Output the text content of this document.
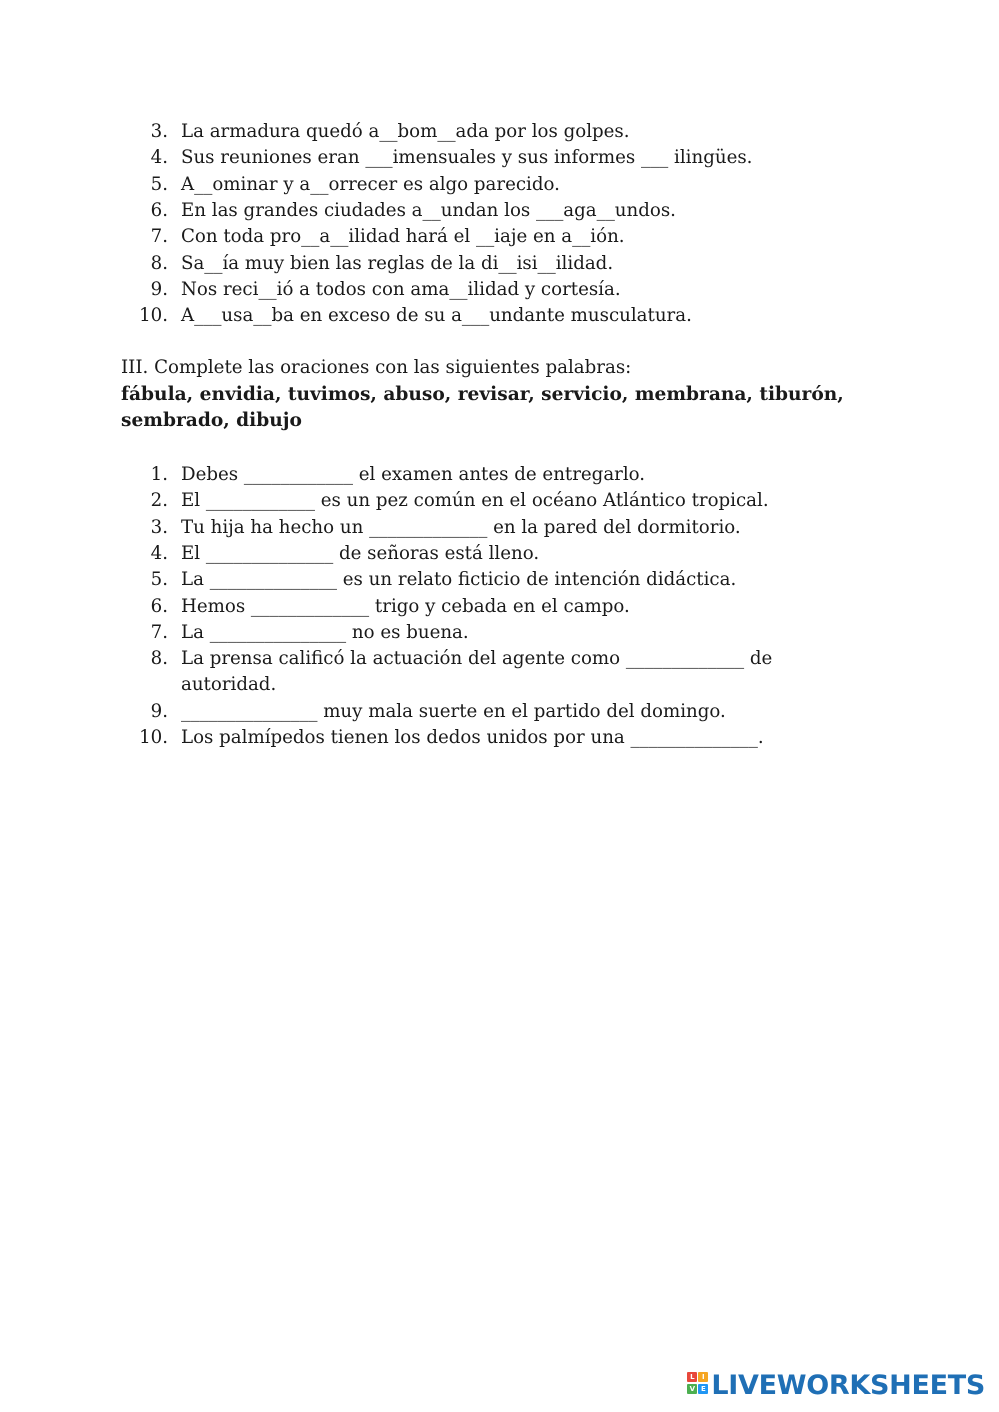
3. La armadura quedó a__bom__ada por los golpes.
4. Sus reuniones eran ___imensuales y sus informes ___ ilingües.
5. A__ominar y a__orrecer es algo parecido.
6. En las grandes ciudades a__undan los ___aga__undos.
7. Con toda pro__a__ilidad hará el __iaje en a__ión.
8. Sa__ía muy bien las reglas de la di__isi__ilidad.
9. Nos reci__ió a todos con ama__ilidad y cortesía.
10. A___usa__ba en exceso de su a___undante musculatura.
III. Complete las oraciones con las siguientes palabras:
fábula, envidia, tuvimos, abuso, revisar, servicio, membrana, tiburón, sembrado, dibujo
1. Debes ____________ el examen antes de entregarlo.
2. El ____________ es un pez común en el océano Atlántico tropical.
3. Tu hija ha hecho un _____________ en la pared del dormitorio.
4. El ______________ de señoras está lleno.
5. La ______________ es un relato ficticio de intención didáctica.
6. Hemos _____________ trigo y cebada en el campo.
7. La _______________ no es buena.
8. La prensa calificó la actuación del agente como _____________ de
autoridad.
9. _______________ muy mala suerte en el partido del domingo.
10. Los palmípedos tienen los dedos unidos por una ______________.
L	I
V E LIVEWORKSHEETS
